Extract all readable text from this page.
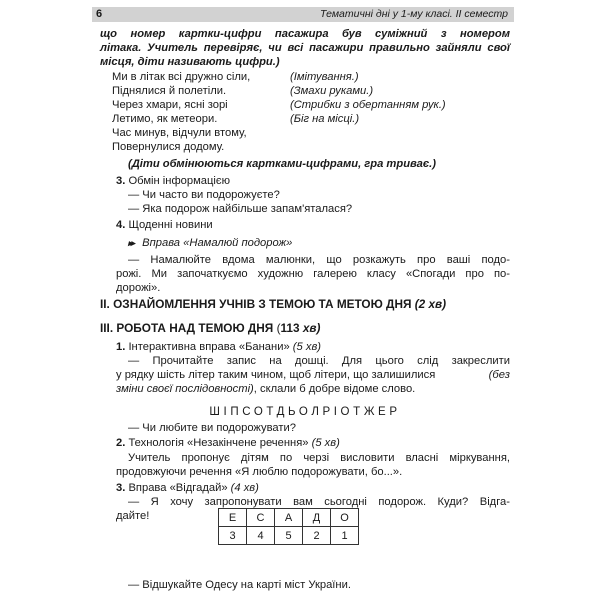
6	Тематичні дні у 1-му класі. ІІ семестр
що номер картки-цифри пасажира був суміжний з номером
літака. Учитель перевіряє, чи всі пасажири правильно зайняли свої
місця, діти називають цифри.)
Ми в літак всі дружно сіли,	(Імітування.)
Піднялися й полетіли.	(Змахи руками.)
Через хмари, ясні зорі	(Стрибки з обертанням рук.)
Летимо, як метеори.	(Біг на місці.)
Час минув, відчули втому,
Повернулися додому.
(Діти обмінюються картками-цифрами, гра триває.)
3. Обмін інформацією
— Чи часто ви подорожуєте?
— Яка подорож найбільше запам'яталася?
4. Щоденні новини
▸▸ Вправа «Намалюй подорож»
— Намалюйте вдома малюнки, що розкажуть про ваші подо-
рожі. Ми започаткуємо художню галерею класу «Спогади про по-
дорожі».
II. ОЗНАЙОМЛЕННЯ УЧНІВ З ТЕМОЮ ТА МЕТОЮ ДНЯ (2 хв)
III. РОБОТА НАД ТЕМОЮ ДНЯ (113 хв)
1. Інтерактивна вправа «Банани» (5 хв)
— Прочитайте запис на дошці. Для цього слід закреслити
у рядку шість літер таким чином, щоб літери, що залишилися	(без
зміни своєї послідовності), склали б добре відоме слово.
ШІПСОТДЬОЛРІОТЖЕР
— Чи любите ви подорожувати?
2. Технологія «Незакінчене речення» (5 хв)
Учитель пропонує дітям по черзі висловити власні міркування,
продовжуючи речення «Я люблю подорожувати, бо...».
3. Вправа «Відгадай» (4 хв)
— Я хочу запропонувати вам сьогодні подорож. Куди? Відга-
дайте!	Е	С	А	Д	О
3	4	5	2	1
— Відшукайте Одесу на карті міст України.
